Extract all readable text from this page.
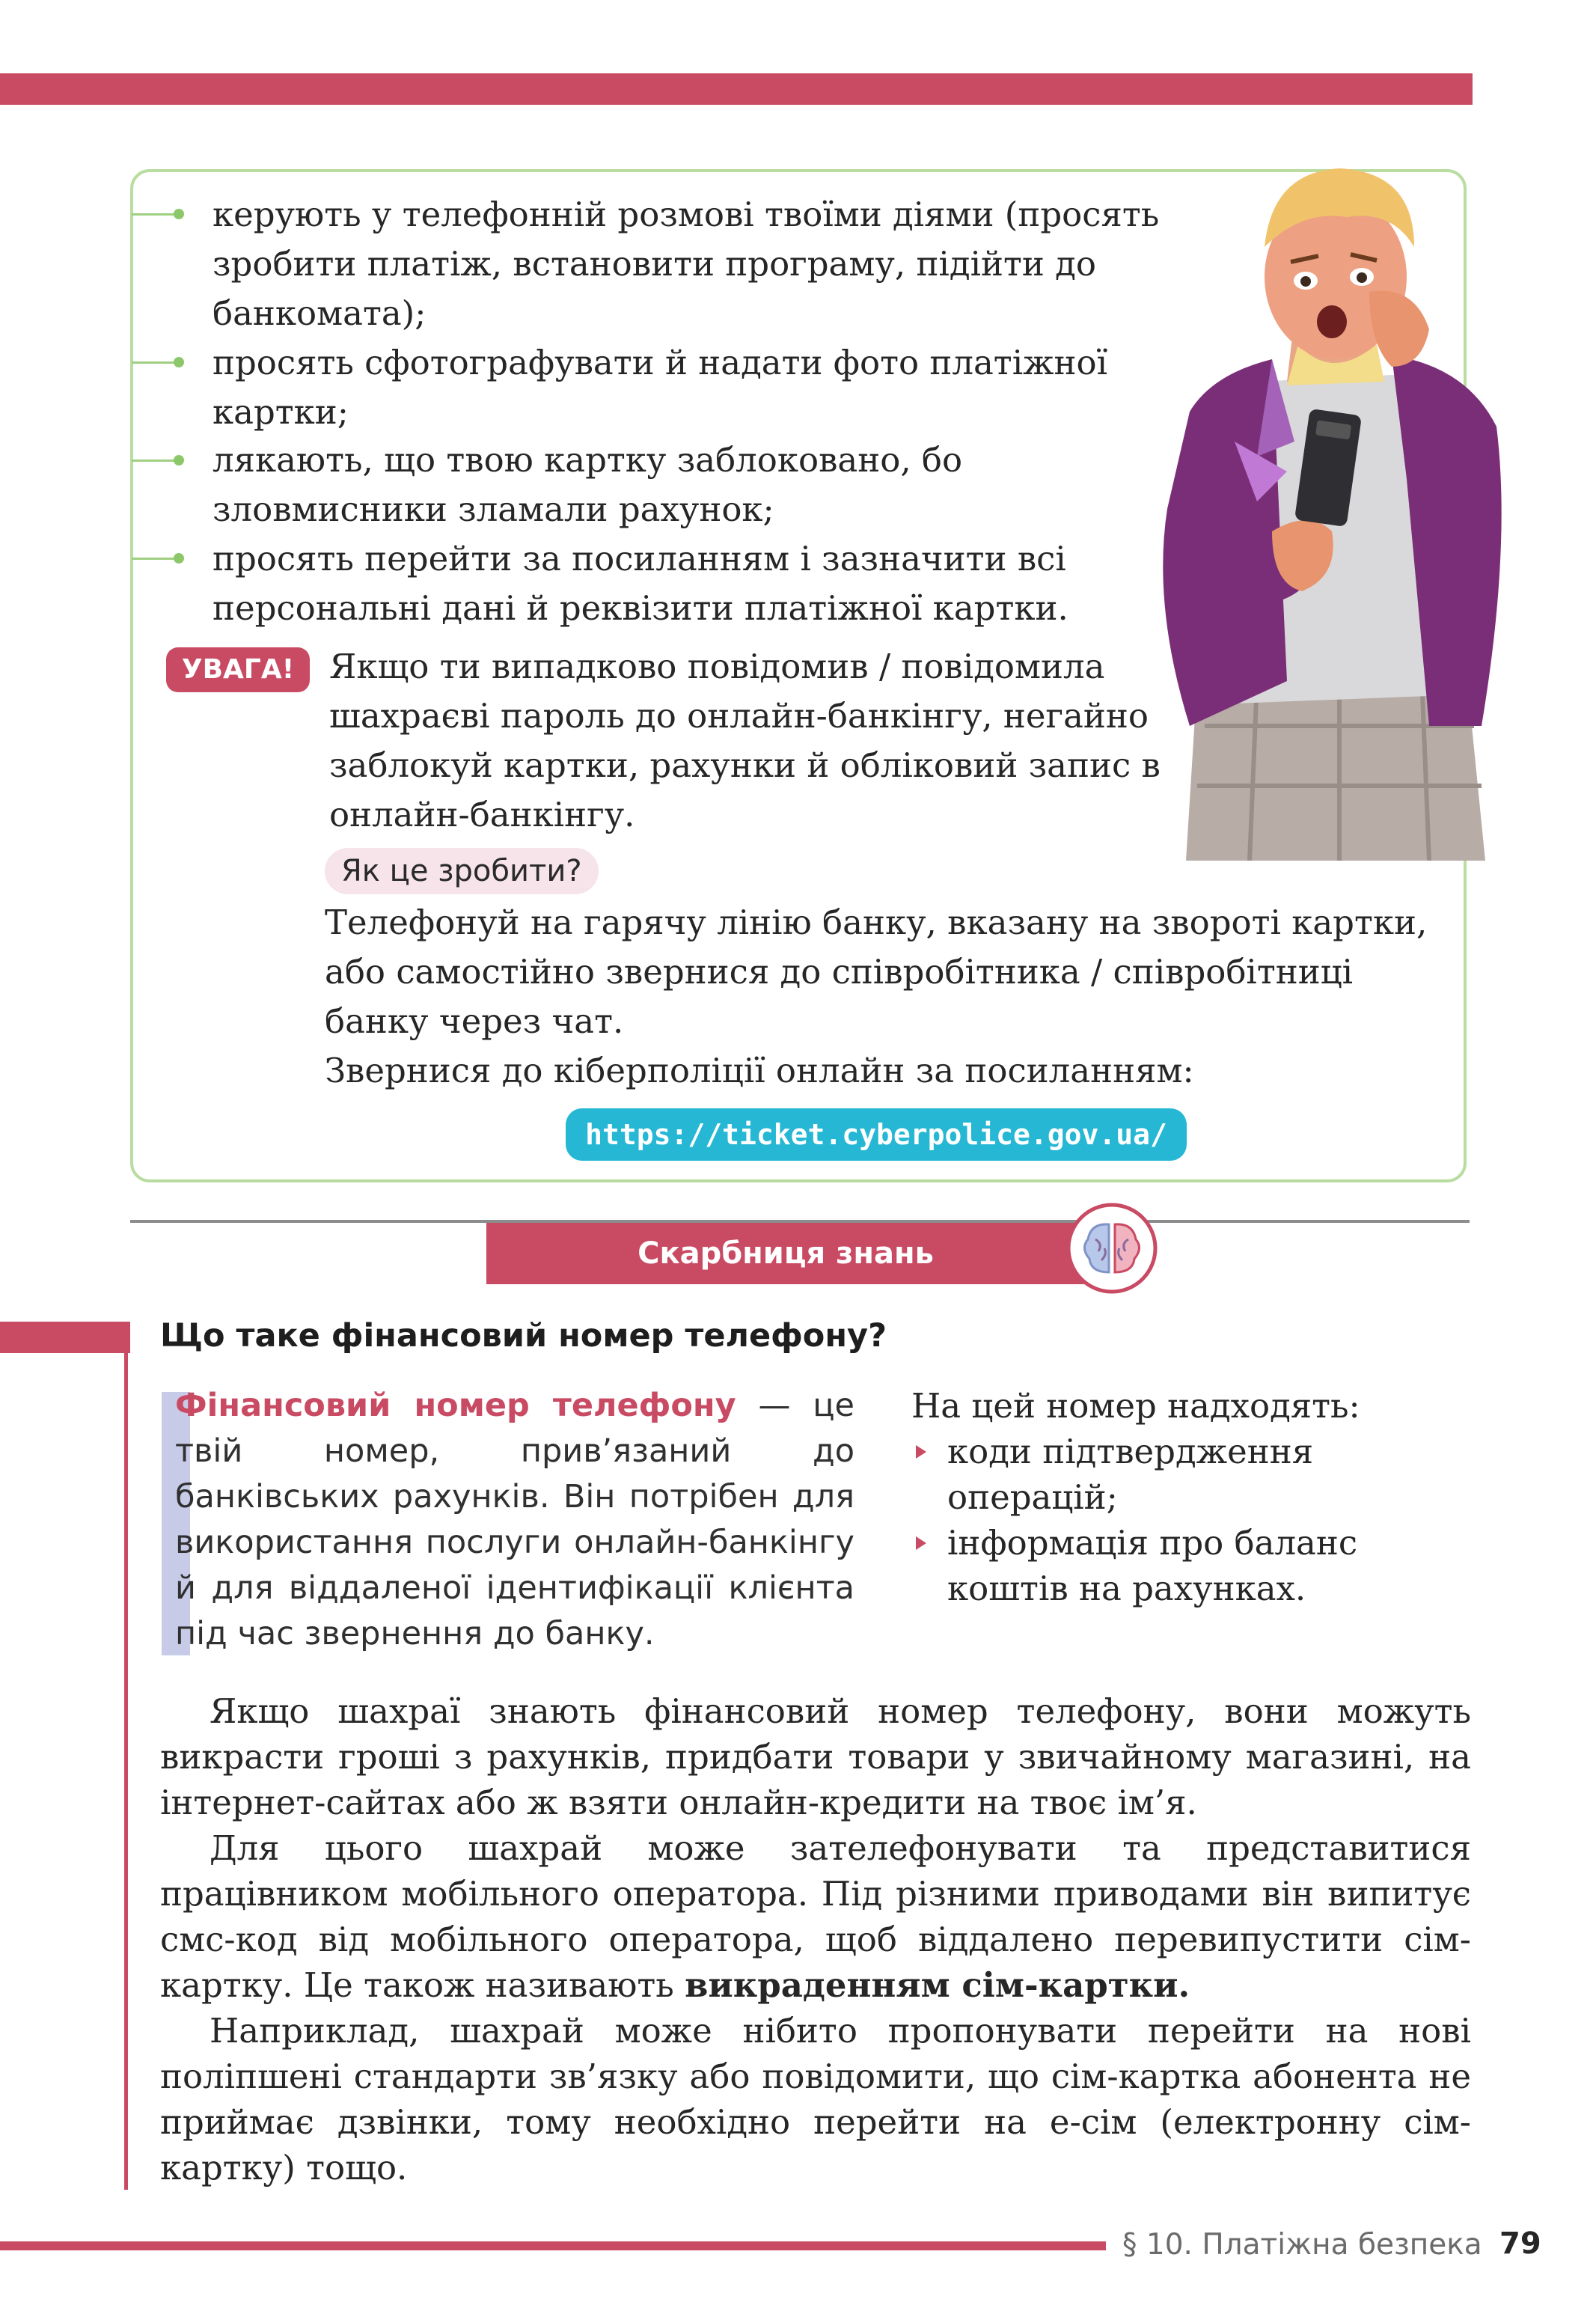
керують у телефонній розмові твоїми діями (просять зробити платіж, встановити програму, підійти до банкомата);

просять сфотографувати й надати фото платіжної картки;

лякають, що твою картку заблоковано, бо зловмисники зламали рахунок;

просять перейти за посиланням і зазначити всі персональні дані й реквізити платіжної картки.

УВАГА!	Якщо ти випадково повідомив / повідомила шахраєві пароль до онлайн-банкінгу, негайно заблокуй картки, рахунки й обліковий запис в онлайн-банкінгу.

Як це зробити?

Телефонуй на гарячу лінію банку, вказану на звороті картки, або самостійно звернися до співробітника / співробітниці банку через чат.

Звернися до кіберполіції онлайн за посиланням:

https://ticket.cyberpolice.gov.ua/
Скарбниця знань

Що таке фінансовий номер телефону?

Фінансовий номер телефону — це твій номер, прив’язаний до банківських рахунків. Він потрібен для використання послуги онлайн-банкінгу й для віддаленої ідентифікації клієнта під час звернення до банку.

На цей номер надходять:
коди підтвердження операцій;
інформація про баланс коштів на рахунках.

Якщо шахраї знають фінансовий номер телефону, вони можуть викрасти гроші з рахунків, придбати товари у звичайному магазині, на інтернет-сайтах або ж взяти онлайн-кредити на твоє ім’я.

Для цього шахрай може зателефонувати та представитися працівником мобільного оператора. Під різними приводами він випитує смс-код від мобільного оператора, щоб віддалено перевипустити сім-картку. Це також називають викраденням сім-картки.

Наприклад, шахрай може нібито пропонувати перейти на нові поліпшені стандарти зв’язку або повідомити, що сім-картка абонента не приймає дзвінки, тому необхідно перейти на е-сім (електронну сім-картку) тощо.

§ 10. Платіжна безпека 79
